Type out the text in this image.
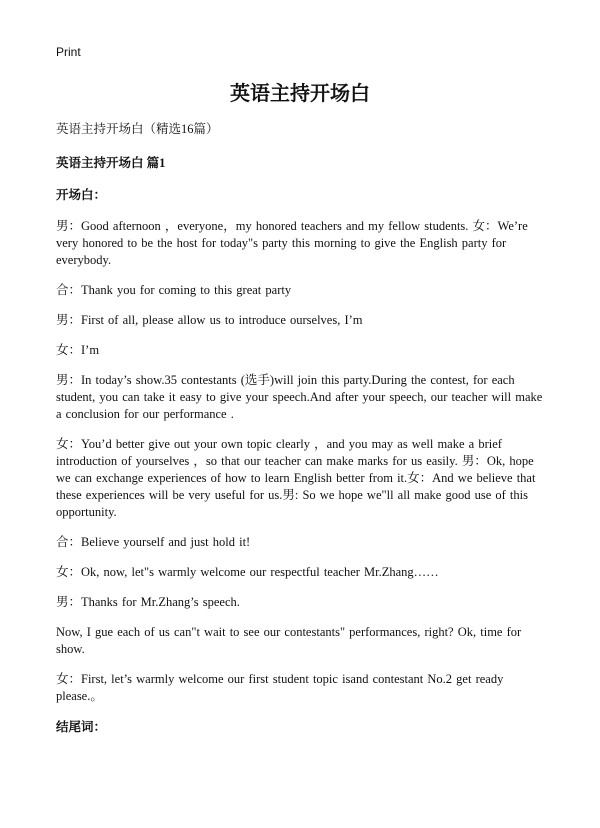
Print
英语主持开场白
英语主持开场白（精选16篇）
英语主持开场白 篇1
开场白：
男：Good afternoon ，everyone，my honored teachers and my fellow students. 女：We’re very honored to be the host for today"s party this morning to give the English party for everybody.
合：Thank you for coming to this great party
男：First of all, please allow us to introduce ourselves, I’m
女：I’m
男：In today’s show.35 contestants (选手)will join this party.During the contest, for each student, you can take it easy to give your speech.And after your speech, our teacher will make a conclusion for our performance .
女：You’d better give out your own topic clearly ，and you may as well make a brief introduction of yourselves ，so that our teacher can make marks for us easily. 男：Ok, hope we can exchange experiences of how to learn English better from it.女：And we believe that these experiences will be very useful for us.男: So we hope we"ll all make good use of this opportunity.
合：Believe yourself and just hold it!
女：Ok, now, let"s warmly welcome our respectful teacher Mr.Zhang……
男：Thanks for Mr.Zhang’s speech.
Now, I gue each of us can"t wait to see our contestants" performances, right? Ok, time for show.
女：First, let’s warmly welcome our first student topic isand contestant No.2 get ready please.。
结尾词：
